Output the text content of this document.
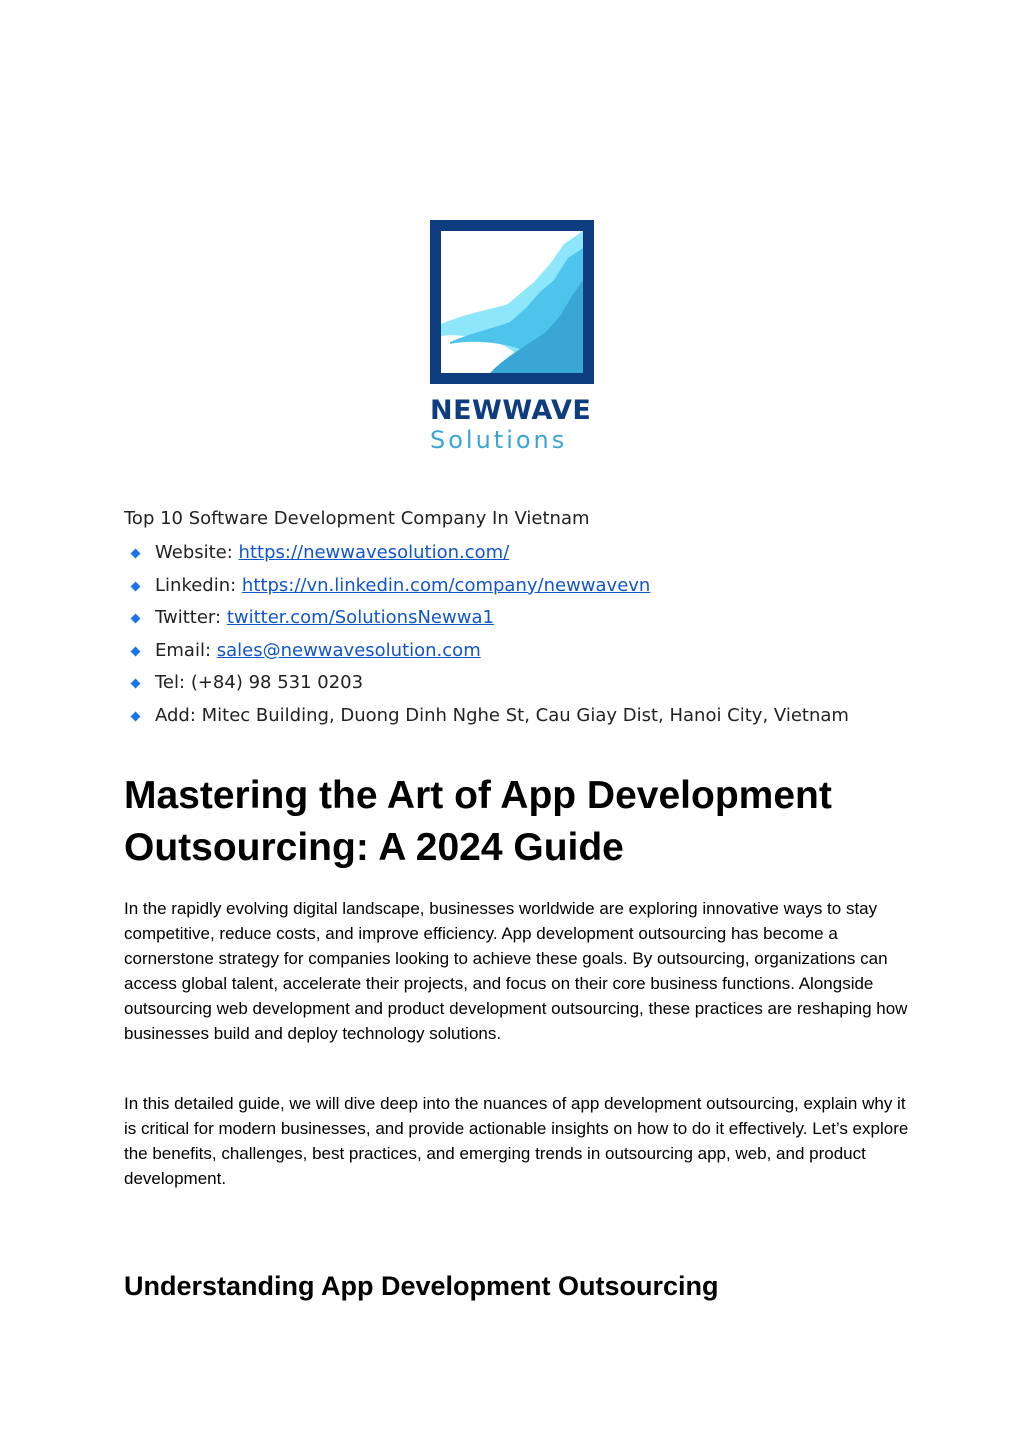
NEWWAVE
Solutions

Top 10 Software Development Company In Vietnam

Website: https://newwavesolution.com/
Linkedin: https://vn.linkedin.com/company/newwavevn
Twitter: twitter.com/SolutionsNewwa1
Email: sales@newwavesolution.com
Tel: (+84) 98 531 0203
Add: Mitec Building, Duong Dinh Nghe St, Cau Giay Dist, Hanoi City, Vietnam
Mastering the Art of App Development Outsourcing: A 2024 Guide

In the rapidly evolving digital landscape, businesses worldwide are exploring innovative ways to stay competitive, reduce costs, and improve efficiency. App development outsourcing has become a cornerstone strategy for companies looking to achieve these goals. By outsourcing, organizations can access global talent, accelerate their projects, and focus on their core business functions. Alongside outsourcing web development and product development outsourcing, these practices are reshaping how businesses build and deploy technology solutions.

In this detailed guide, we will dive deep into the nuances of app development outsourcing, explain why it is critical for modern businesses, and provide actionable insights on how to do it effectively. Let’s explore the benefits, challenges, best practices, and emerging trends in outsourcing app, web, and product development.

Understanding App Development Outsourcing
